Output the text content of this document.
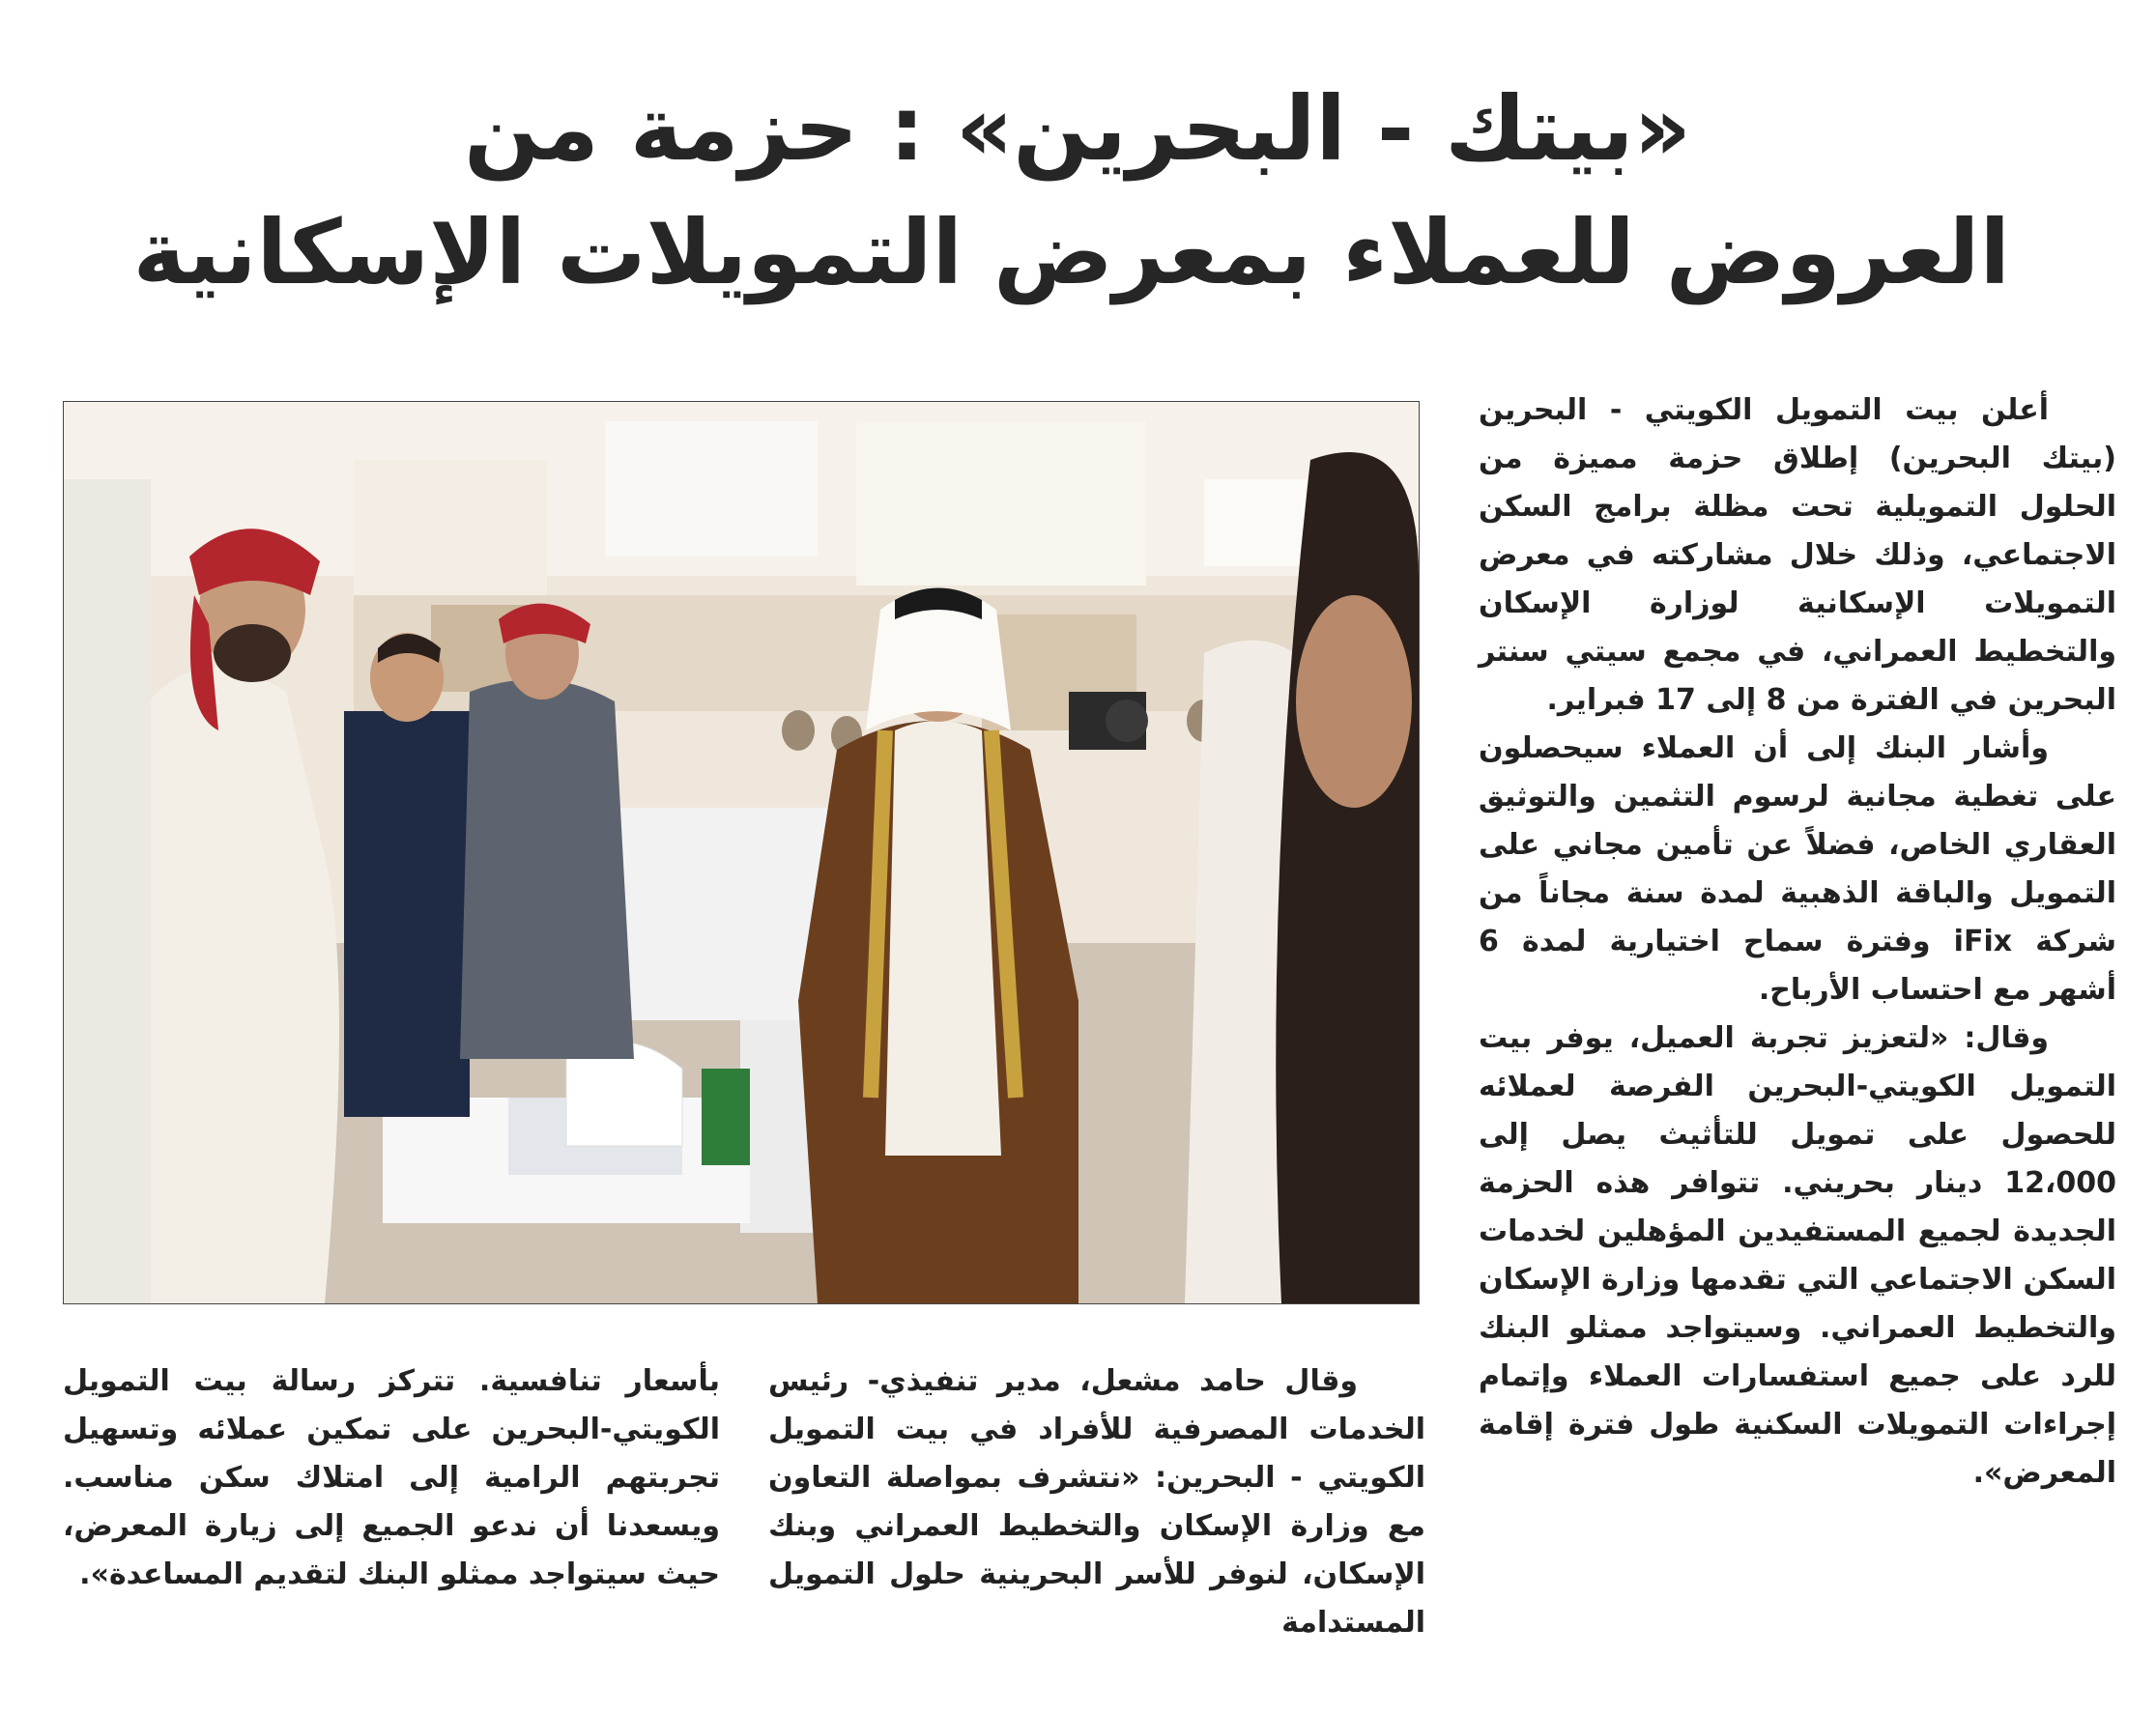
«بيتك - البحرين» : حزمة من
العروض للعملاء بمعرض التمويلات الإسكانية

أعلن بيت التمويل الكويتي - البحرين (بيتك البحرين) إطلاق حزمة مميزة من الحلول التمويلية تحت مظلة برامج السكن الاجتماعي، وذلك خلال مشاركته في معرض التمويلات الإسكانية لوزارة الإسكان والتخطيط العمراني، في مجمع سيتي سنتر البحرين في الفترة من 8 إلى 17 فبراير.

وأشار البنك إلى أن العملاء سيحصلون على تغطية مجانية لرسوم التثمين والتوثيق العقاري الخاص، فضلاً عن تأمين مجاني على التمويل والباقة الذهبية لمدة سنة مجاناً من شركة iFix وفترة سماح اختيارية لمدة 6 أشهر مع احتساب الأرباح.

وقال: «لتعزيز تجربة العميل، يوفر بيت التمويل الكويتي-البحرين الفرصة لعملائه للحصول على تمويل للتأثيث يصل إلى 12،000 دينار بحريني. تتوافر هذه الحزمة الجديدة لجميع المستفيدين المؤهلين لخدمات السكن الاجتماعي التي تقدمها وزارة الإسكان والتخطيط العمراني. وسيتواجد ممثلو البنك للرد على جميع استفسارات العملاء وإتمام إجراءات التمويلات السكنية طول فترة إقامة المعرض».

وقال حامد مشعل، مدير تنفيذي- رئيس الخدمات المصرفية للأفراد في بيت التمويل الكويتي - البحرين: «نتشرف بمواصلة التعاون مع وزارة الإسكان والتخطيط العمراني وبنك الإسكان، لنوفر للأسر البحرينية حلول التمويل المستدامة

بأسعار تنافسية. تتركز رسالة بيت التمويل الكويتي-البحرين على تمكين عملائه وتسهيل تجربتهم الرامية إلى امتلاك سكن مناسب. ويسعدنا أن ندعو الجميع إلى زيارة المعرض، حيث سيتواجد ممثلو البنك لتقديم المساعدة».
